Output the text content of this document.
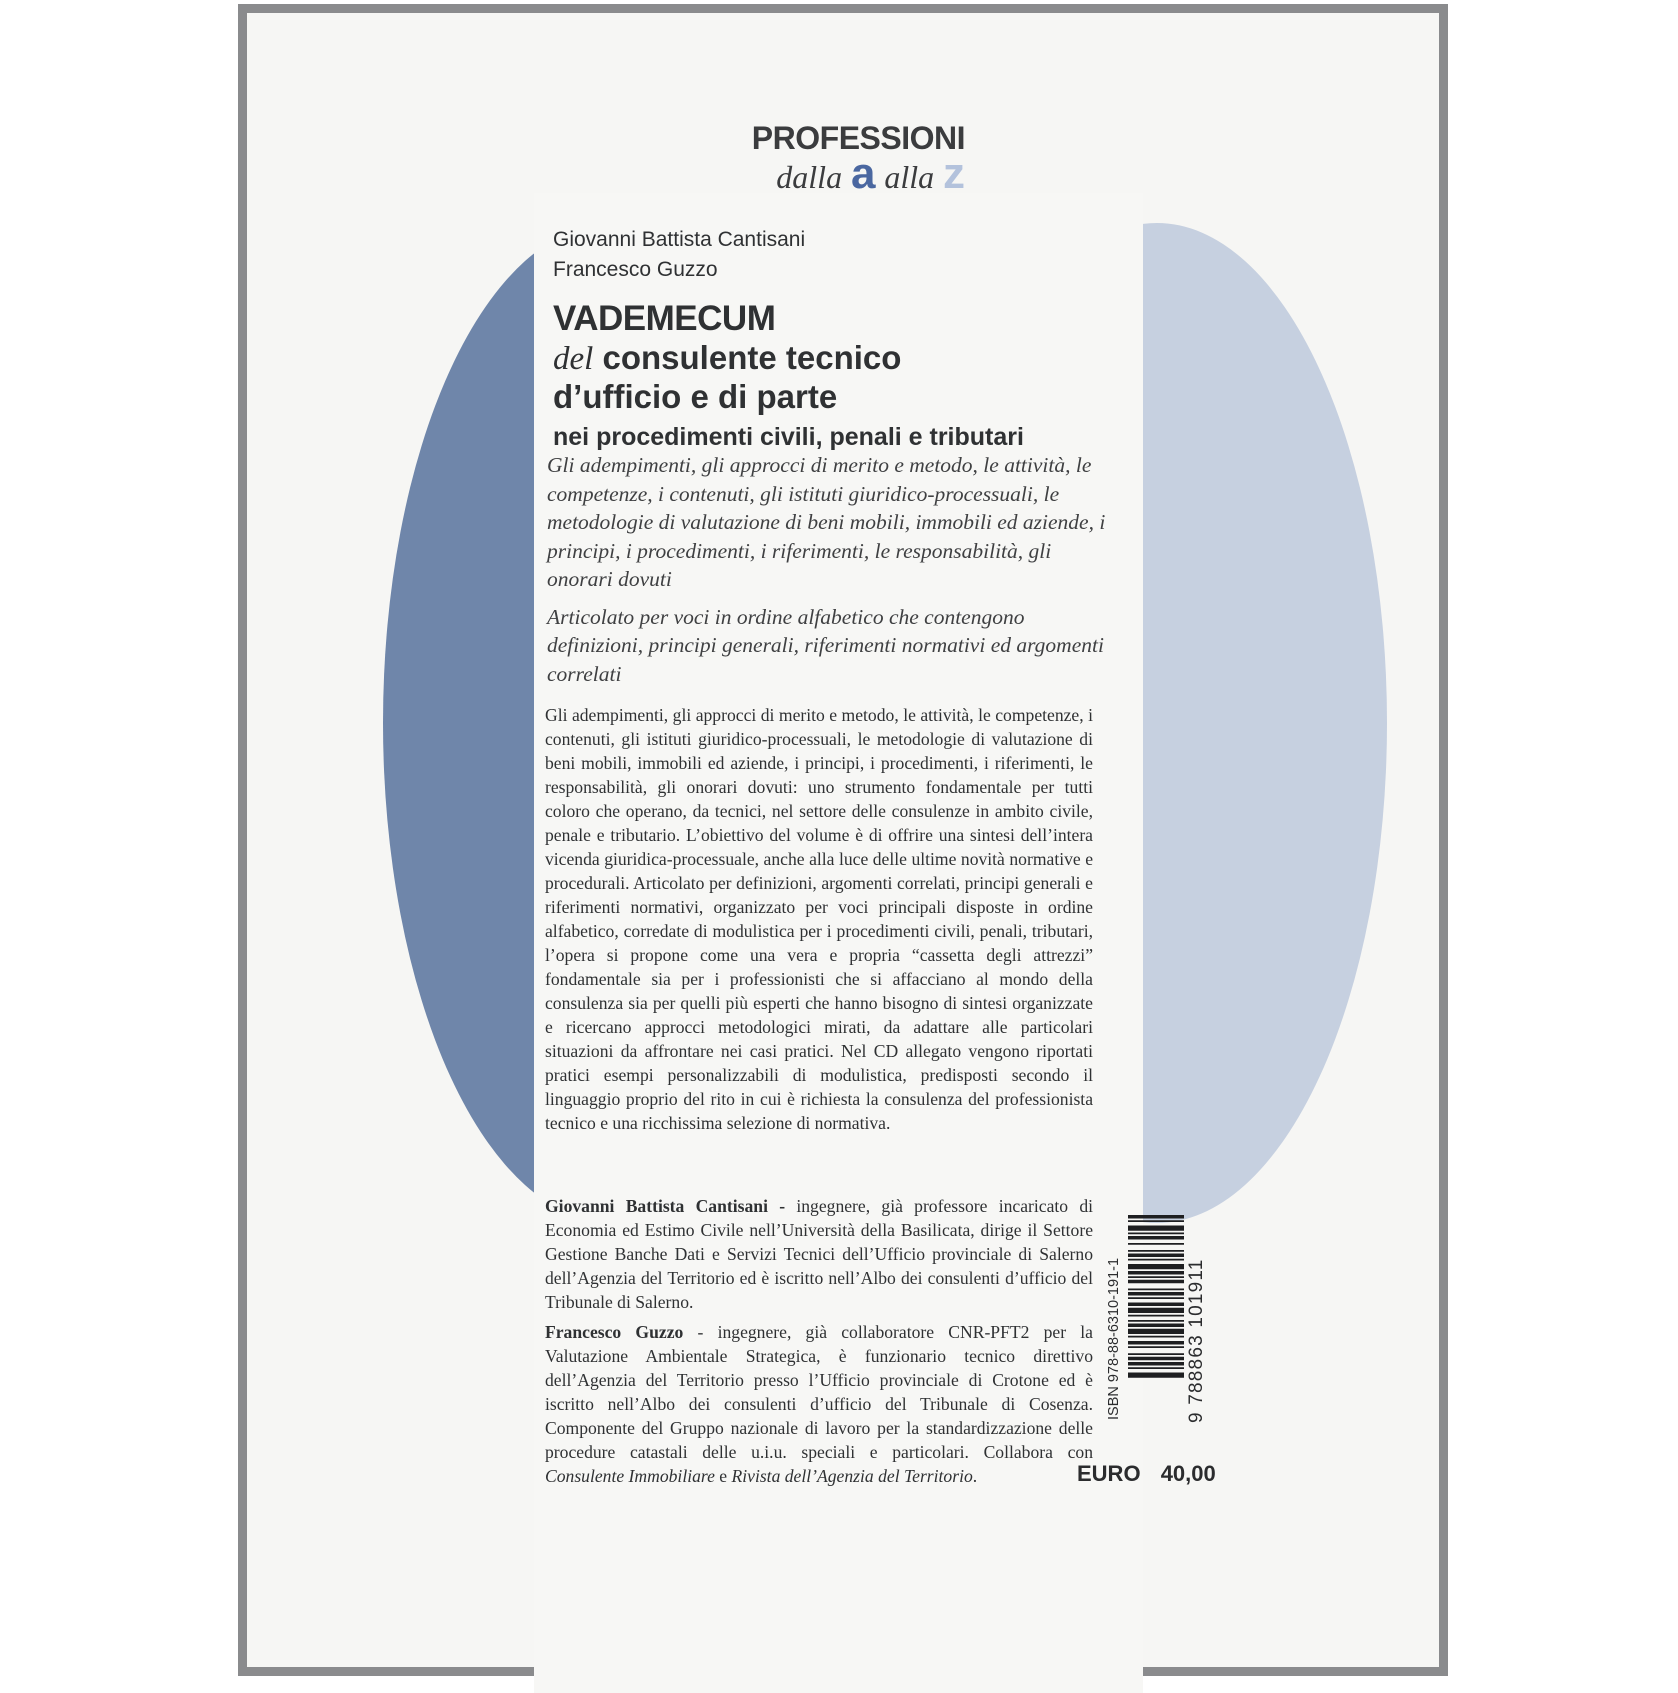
PROFESSIONI
dalla a alla z
Giovanni Battista Cantisani
Francesco Guzzo
VADEMECUM
del consulente tecnico
d’ufficio e di parte
nei procedimenti civili, penali e tributari

Gli adempimenti, gli approcci di merito e metodo, le attività, le competenze, i contenuti, gli istituti giuridico-processuali, le metodologie di valutazione di beni mobili, immobili ed aziende, i principi, i procedimenti, i riferimenti, le responsabilità, gli onorari dovuti

Articolato per voci in ordine alfabetico che contengono definizioni, principi generali, riferimenti normativi ed argomenti correlati

Gli adempimenti, gli approcci di merito e metodo, le attività, le competenze, i contenuti, gli istituti giuridico-processuali, le metodologie di valutazione di beni mobili, immobili ed aziende, i principi, i procedimenti, i riferimenti, le responsabilità, gli onorari dovuti: uno strumento fondamentale per tutti coloro che operano, da tecnici, nel settore delle consulenze in ambito civile, penale e tributario. L’obiettivo del volume è di offrire una sintesi dell’intera vicenda giuridica-processuale, anche alla luce delle ultime novità normative e procedurali. Articolato per definizioni, argomenti correlati, principi generali e riferimenti normativi, organizzato per voci principali disposte in ordine alfabetico, corredate di modulistica per i procedimenti civili, penali, tributari, l’opera si propone come una vera e propria “cassetta degli attrezzi” fondamentale sia per i professionisti che si affacciano al mondo della consulenza sia per quelli più esperti che hanno bisogno di sintesi organizzate e ricercano approcci metodologici mirati, da adattare alle particolari situazioni da affrontare nei casi pratici. Nel CD allegato vengono riportati pratici esempi personalizzabili di modulistica, predisposti secondo il linguaggio proprio del rito in cui è richiesta la consulenza del professionista tecnico e una ricchissima selezione di normativa.

Giovanni Battista Cantisani - ingegnere, già professore incaricato di Economia ed Estimo Civile nell’Università della Basilicata, dirige il Settore Gestione Banche Dati e Servizi Tecnici dell’Ufficio provinciale di Salerno dell’Agenzia del Territorio ed è iscritto nell’Albo dei consulenti d’ufficio del Tribunale di Salerno.

Francesco Guzzo - ingegnere, già collaboratore CNR-PFT2 per la Valutazione Ambientale Strategica, è funzionario tecnico direttivo dell’Agenzia del Territorio presso l’Ufficio provinciale di Crotone ed è iscritto nell’Albo dei consulenti d’ufficio del Tribunale di Cosenza. Componente del Gruppo nazionale di lavoro per la standardizzazione delle procedure catastali delle u.i.u. speciali e particolari. Collabora con Consulente Immobiliare e Rivista dell’Agenzia del Territorio.

ISBN 978-88-6310-191-1	9 788863 101911
EURO 40,00
